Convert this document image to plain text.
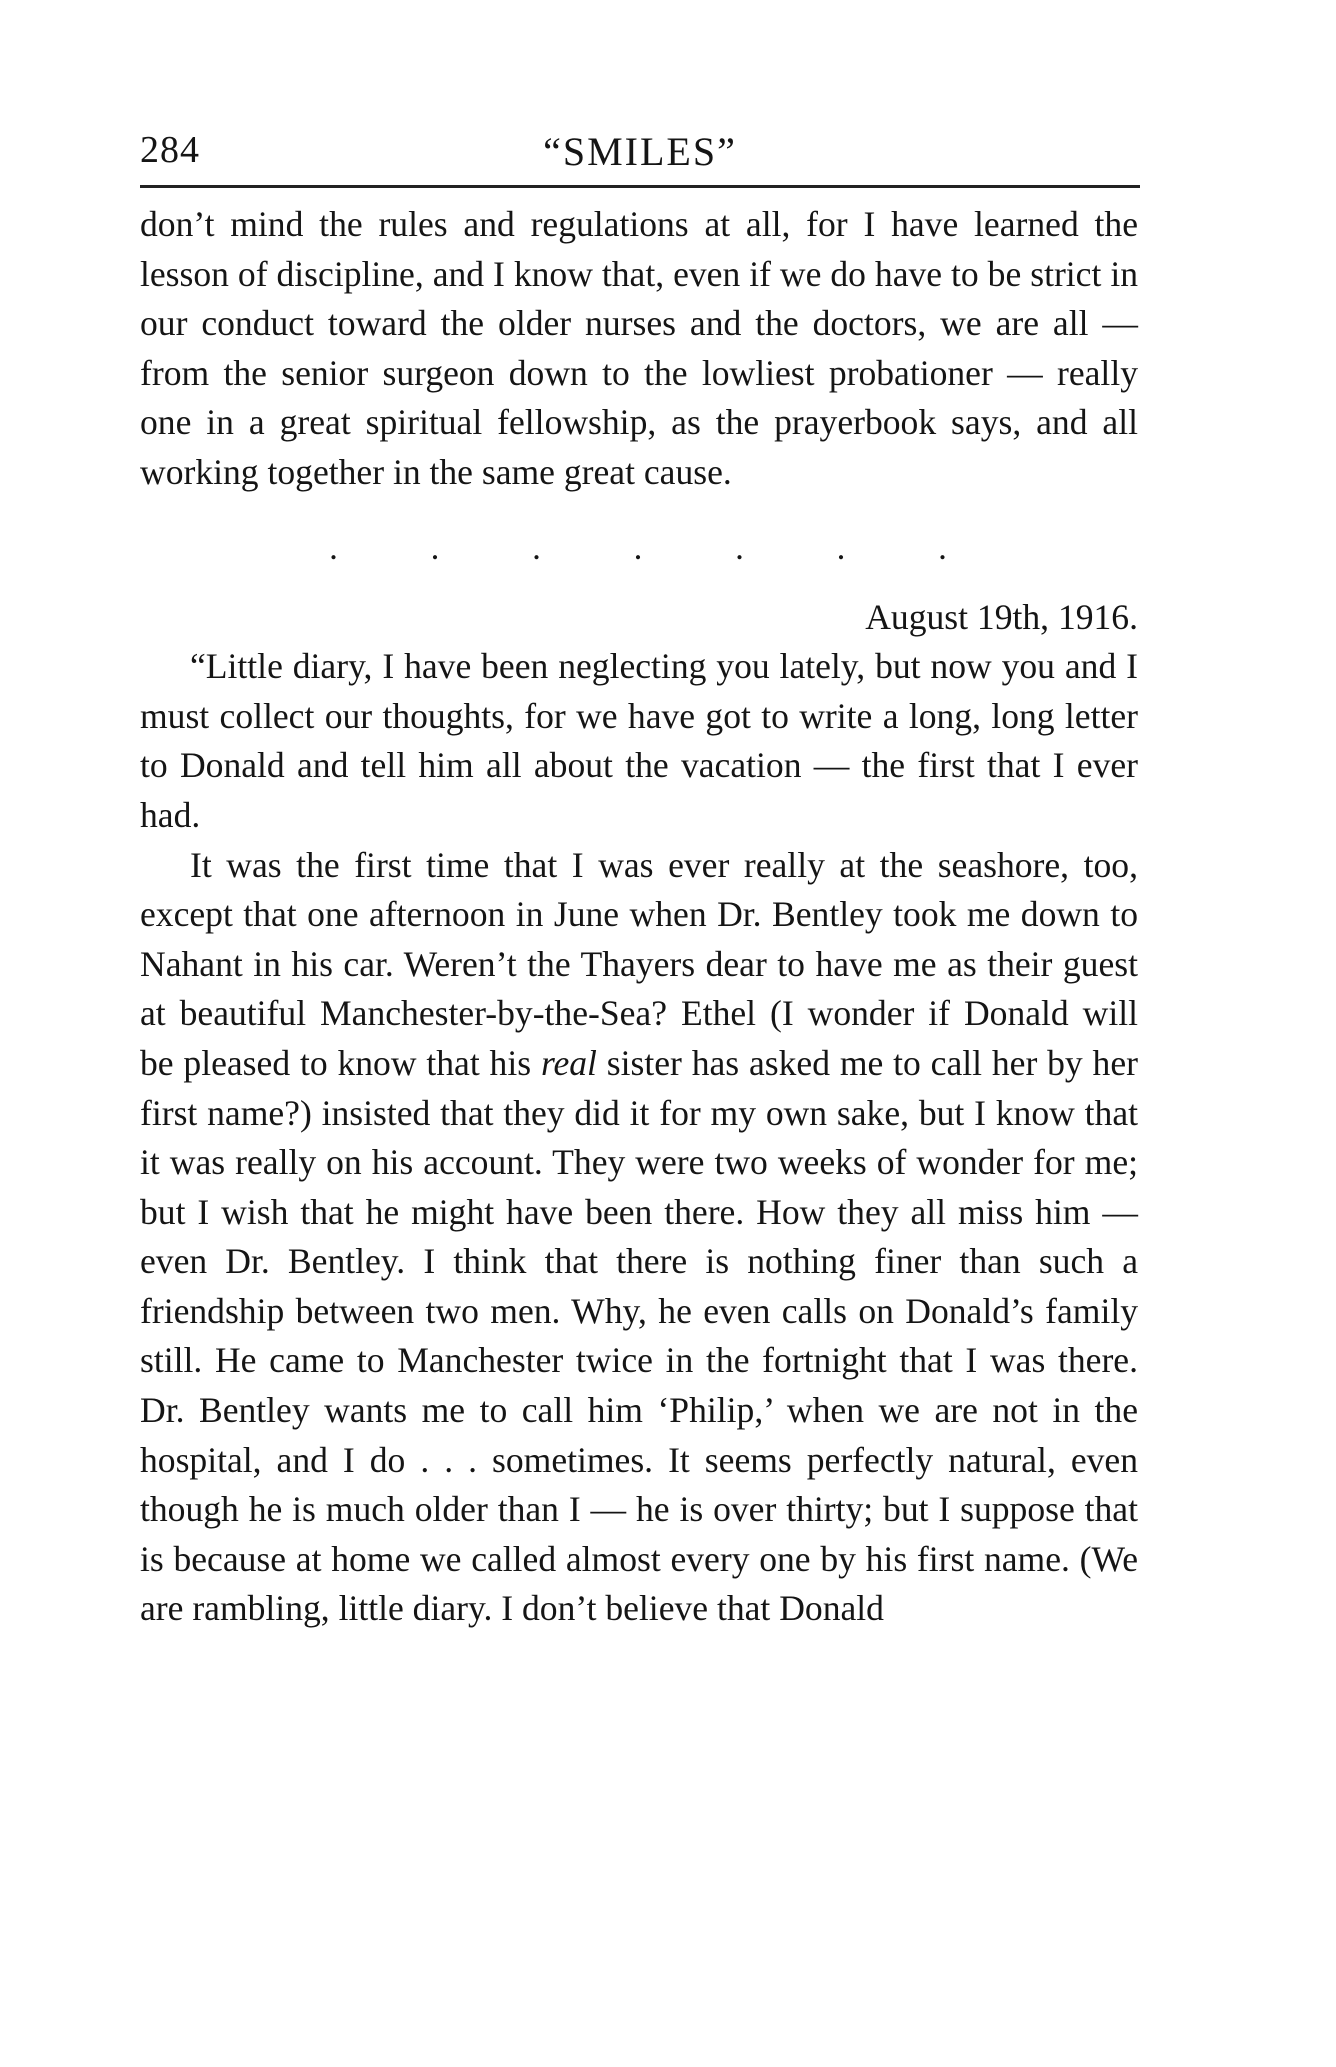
284	“SMILES”

don’t mind the rules and regulations at all, for I have learned the lesson of discipline, and I know that, even if we do have to be strict in our conduct toward the older nurses and the doctors, we are all — from the senior surgeon down to the lowliest probationer — really one in a great spiritual fellowship, as the prayerbook says, and all working together in the same great cause.

. . . . . . .

August 19th, 1916.

“Little diary, I have been neglecting you lately, but now you and I must collect our thoughts, for we have got to write a long, long letter to Donald and tell him all about the vacation — the first that I ever had.

It was the first time that I was ever really at the seashore, too, except that one afternoon in June when Dr. Bentley took me down to Nahant in his car. Weren’t the Thayers dear to have me as their guest at beautiful Manchester-by-the-Sea? Ethel (I wonder if Donald will be pleased to know that his real sister has asked me to call her by her first name?) insisted that they did it for my own sake, but I know that it was really on his account. They were two weeks of wonder for me; but I wish that he might have been there. How they all miss him — even Dr. Bentley. I think that there is nothing finer than such a friendship between two men. Why, he even calls on Donald’s family still. He came to Manchester twice in the fortnight that I was there. Dr. Bentley wants me to call him ‘Philip,’ when we are not in the hospital, and I do . . . sometimes. It seems perfectly natural, even though he is much older than I — he is over thirty; but I suppose that is because at home we called almost every one by his first name. (We are rambling, little diary. I don’t believe that Donald
